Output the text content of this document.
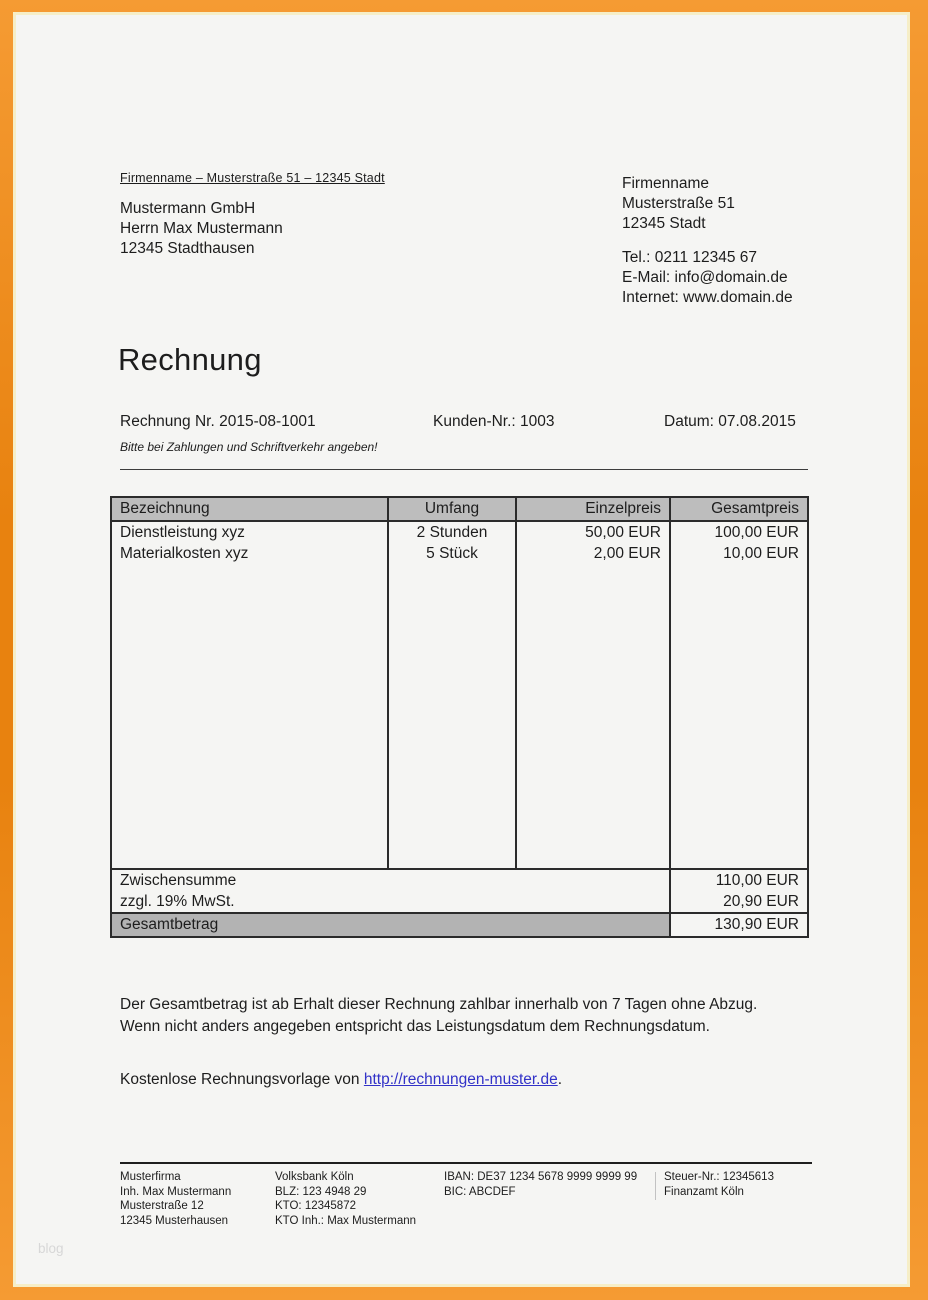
Firmenname – Musterstraße 51 – 12345 Stadt
Mustermann GmbH
Herrn Max Mustermann
12345 Stadthausen
Firmenname
Musterstraße 51
12345 Stadt
Tel.: 0211 12345 67
E-Mail: info@domain.de
Internet: www.domain.de
Rechnung
Rechnung Nr. 2015-08-1001	Kunden-Nr.: 1003	Datum: 07.08.2015
Bitte bei Zahlungen und Schriftverkehr angeben!
Bezeichnung	Umfang	Einzelpreis	Gesamtpreis
Dienstleistung xyz	2 Stunden	50,00 EUR	100,00 EUR
Materialkosten xyz	5 Stück	2,00 EUR	10,00 EUR
Zwischensumme	110,00 EUR
zzgl. 19% MwSt.	20,90 EUR
Gesamtbetrag	130,90 EUR
Der Gesamtbetrag ist ab Erhalt dieser Rechnung zahlbar innerhalb von 7 Tagen ohne Abzug.
Wenn nicht anders angegeben entspricht das Leistungsdatum dem Rechnungsdatum.
Kostenlose Rechnungsvorlage von http://rechnungen-muster.de.
Musterfirma
Inh. Max Mustermann
Musterstraße 12
12345 Musterhausen
Volksbank Köln
BLZ: 123 4948 29
KTO: 12345872
KTO Inh.: Max Mustermann
IBAN: DE37 1234 5678 9999 9999 99
BIC: ABCDEF
Steuer-Nr.: 12345613
Finanzamt Köln
blog
